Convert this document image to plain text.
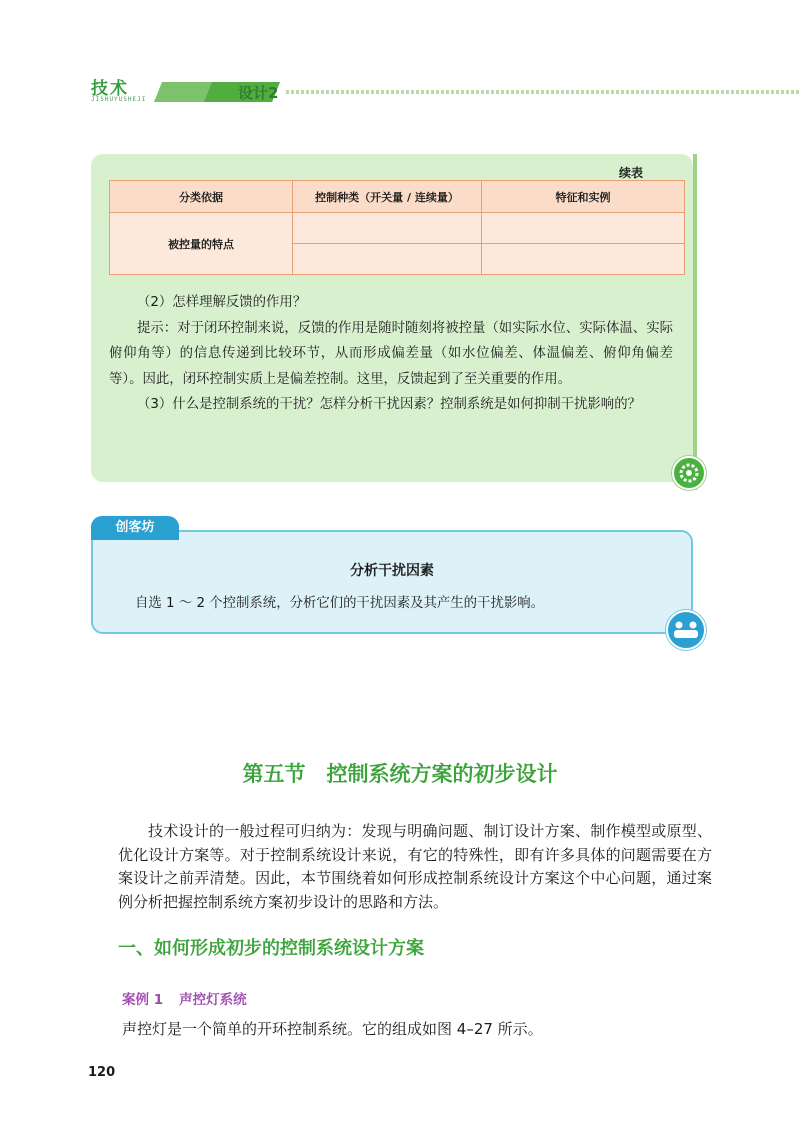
技术
JISHUYUSHEJI	设计2
续表
分类依据	控制种类（开关量 / 连续量）	特征和实例
被控量的特点		

（2）怎样理解反馈的作用？

提示：对于闭环控制来说，反馈的作用是随时随刻将被控量（如实际水位、实际体温、实际俯仰角等）的信息传递到比较环节，从而形成偏差量（如水位偏差、体温偏差、俯仰角偏差等）。因此，闭环控制实质上是偏差控制。这里，反馈起到了至关重要的作用。

（3）什么是控制系统的干扰？怎样分析干扰因素？控制系统是如何抑制干扰影响的？

分析干扰因素
自选 1 ～ 2 个控制系统，分析它们的干扰因素及其产生的干扰影响。
创客坊
第五节　控制系统方案的初步设计

技术设计的一般过程可归纳为：发现与明确问题、制订设计方案、制作模型或原型、优化设计方案等。对于控制系统设计来说，有它的特殊性，即有许多具体的问题需要在方案设计之前弄清楚。因此，本节围绕着如何形成控制系统设计方案这个中心问题，通过案例分析把握控制系统方案初步设计的思路和方法。

一、如何形成初步的控制系统设计方案
案例 1 声控灯系统
声控灯是一个简单的开环控制系统。它的组成如图 4–27 所示。
120
